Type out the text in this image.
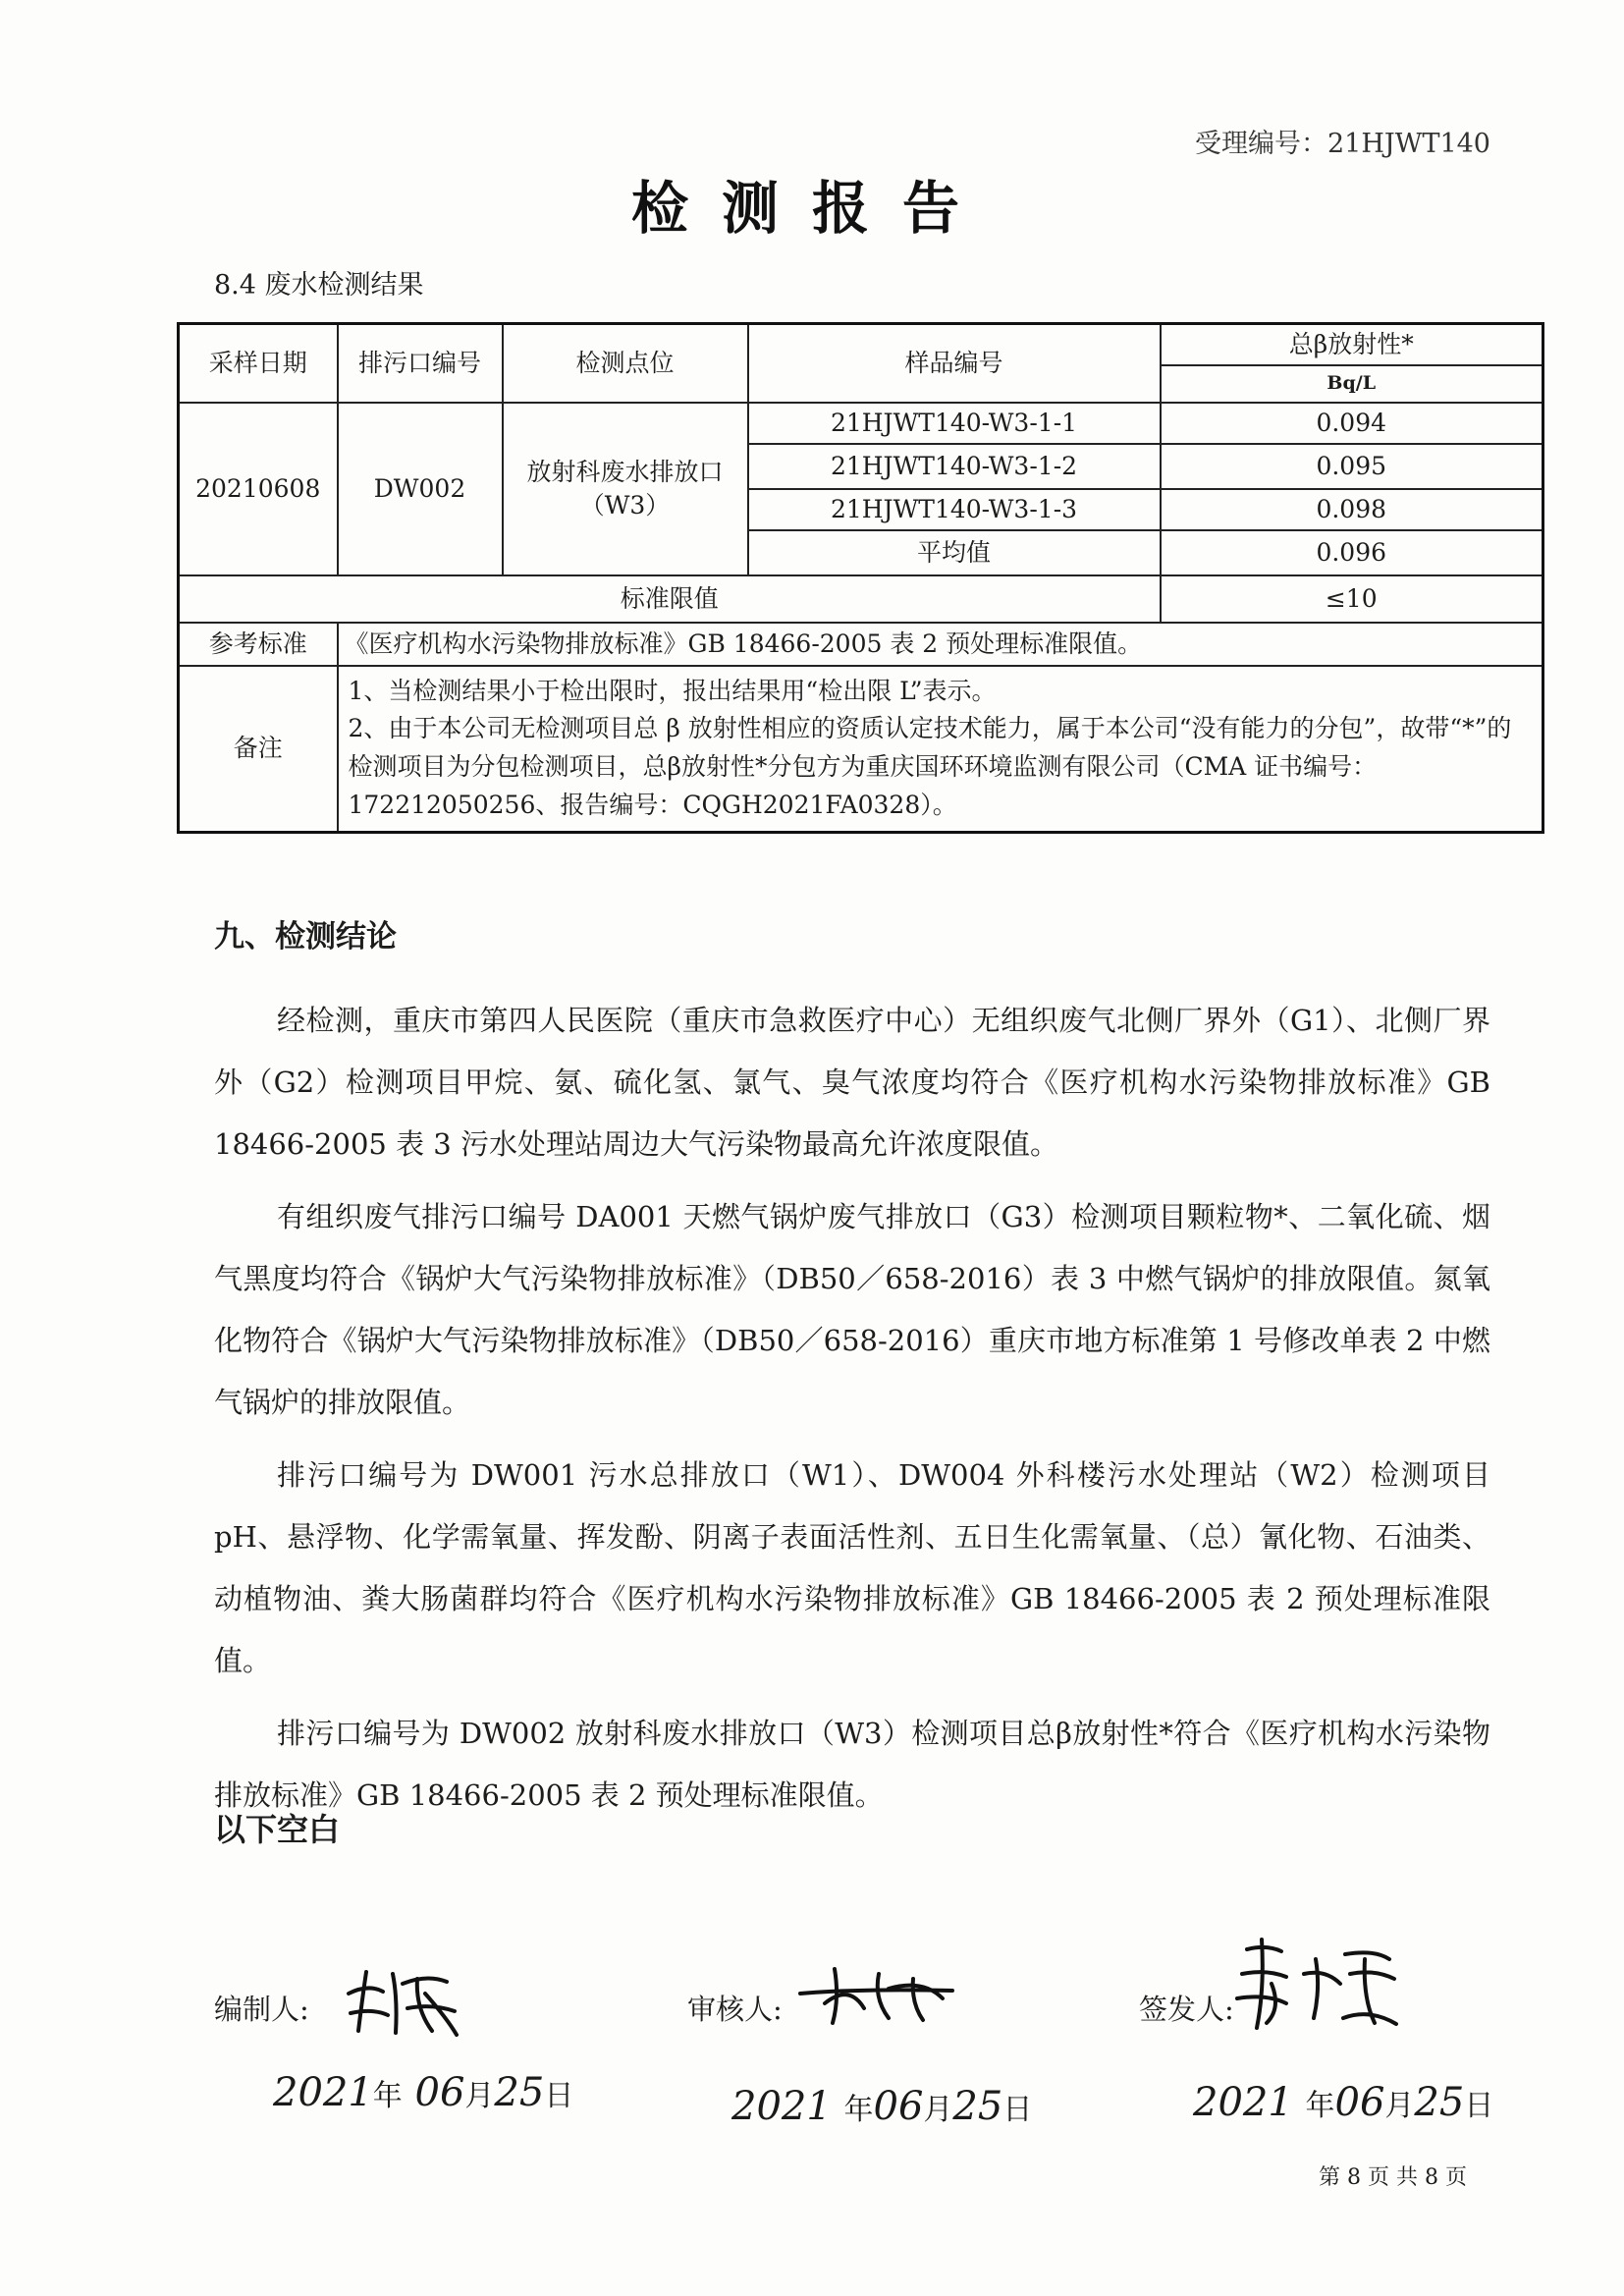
受理编号：21HJWT140
检测报告
8.4 废水检测结果
采样日期	排污口编号	检测点位	样品编号	总β放射性*
				Bq/L
20210608	DW002	放射科废水排放口（W3）	21HJWT140-W3-1-1	0.094
			21HJWT140-W3-1-2	0.095
			21HJWT140-W3-1-3	0.098
			平均值	0.096
标准限值				≤10
参考标准	《医疗机构水污染物排放标准》GB 18466-2005 表 2 预处理标准限值。			
备注	1、当检测结果小于检出限时，报出结果用“检出限 L”表示。
2、由于本公司无检测项目总 β 放射性相应的资质认定技术能力，属于本公司“没有能力的分包”，故带“*”的检测项目为分包检测项目，总β放射性*分包方为重庆国环环境监测有限公司（CMA 证书编号：172212050256、报告编号：CQGH2021FA0328）。			
九、检测结论

经检测，重庆市第四人民医院（重庆市急救医疗中心）无组织废气北侧厂界外（G1）、北侧厂界外（G2）检测项目甲烷、氨、硫化氢、氯气、臭气浓度均符合《医疗机构水污染物排放标准》GB 18466-2005 表 3 污水处理站周边大气污染物最高允许浓度限值。

有组织废气排污口编号 DA001 天燃气锅炉废气排放口（G3）检测项目颗粒物*、二氧化硫、烟气黑度均符合《锅炉大气污染物排放标准》（DB50／658-2016）表 3 中燃气锅炉的排放限值。氮氧化物符合《锅炉大气污染物排放标准》（DB50／658-2016）重庆市地方标准第 1 号修改单表 2 中燃气锅炉的排放限值。

排污口编号为 DW001 污水总排放口（W1）、DW004 外科楼污水处理站（W2）检测项目 pH、悬浮物、化学需氧量、挥发酚、阴离子表面活性剂、五日生化需氧量、（总）氰化物、石油类、动植物油、粪大肠菌群均符合《医疗机构水污染物排放标准》GB 18466-2005 表 2 预处理标准限值。

排污口编号为 DW002 放射科废水排放口（W3）检测项目总β放射性*符合《医疗机构水污染物排放标准》GB 18466-2005 表 2 预处理标准限值。

以下空白
编制人:	审核人:	签发人:
2021年 06月25日	2021 年06月25日	2021 年06月25日
第 8 页 共 8 页
